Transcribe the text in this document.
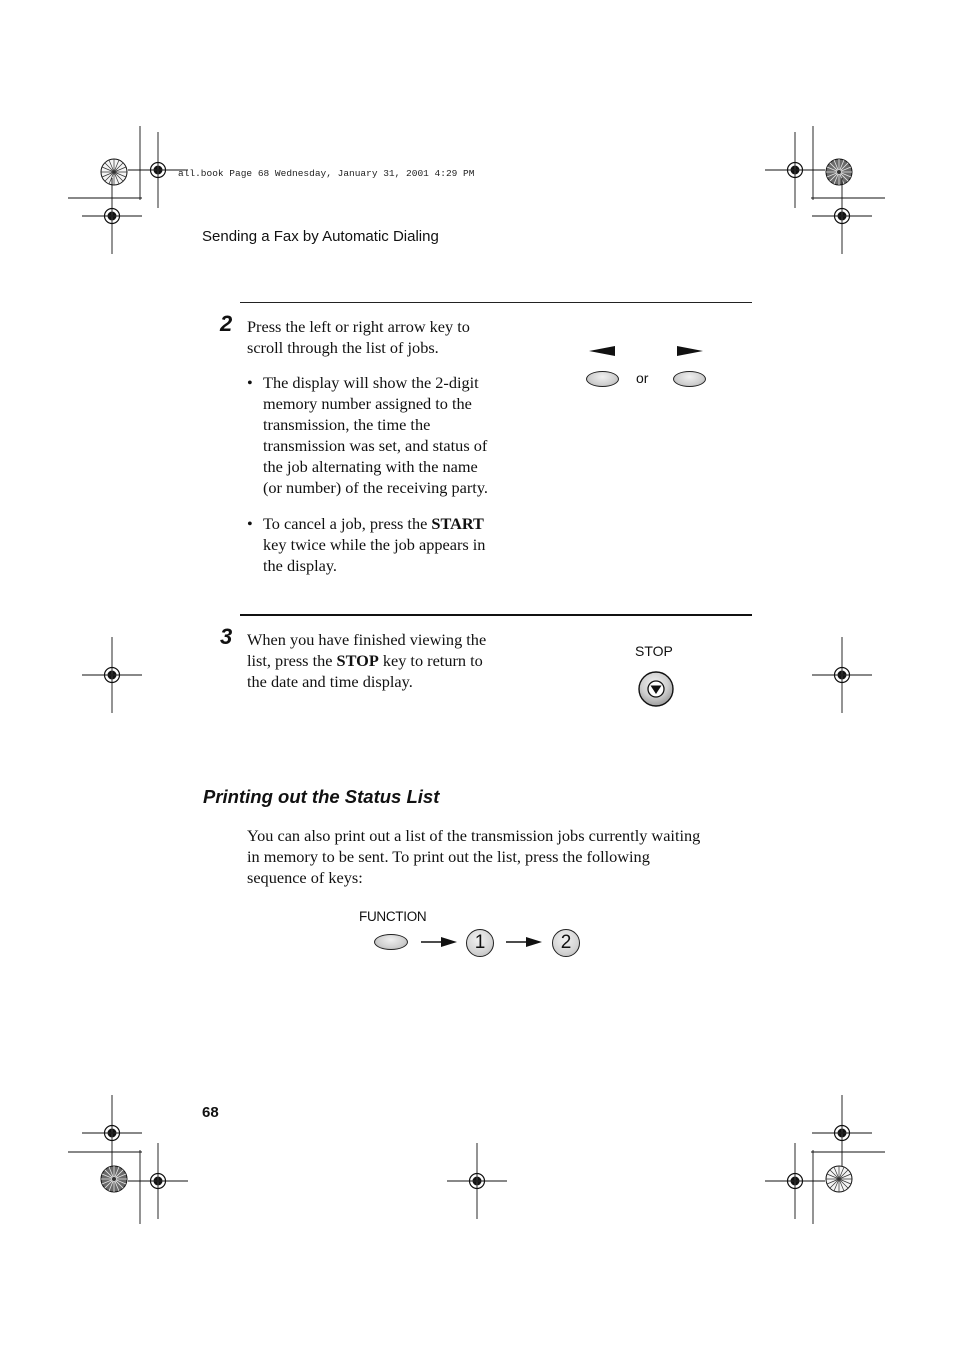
all.book Page 68 Wednesday, January 31, 2001 4:29 PM
Sending a Fax by Automatic Dialing
2 Press the left or right arrow key to
scroll through the list of jobs.
• The display will show the 2-digit
memory number assigned to the
transmission, the time the
transmission was set, and status of
the job alternating with the name
(or number) of the receiving party.
• To cancel a job, press the START
key twice while the job appears in
the display.
or
3 When you have finished viewing the
list, press the STOP key to return to
the date and time display.
STOP
Printing out the Status List
You can also print out a list of the transmission jobs currently waiting
in memory to be sent. To print out the list, press the following
sequence of keys:
FUNCTION
1	2
68
